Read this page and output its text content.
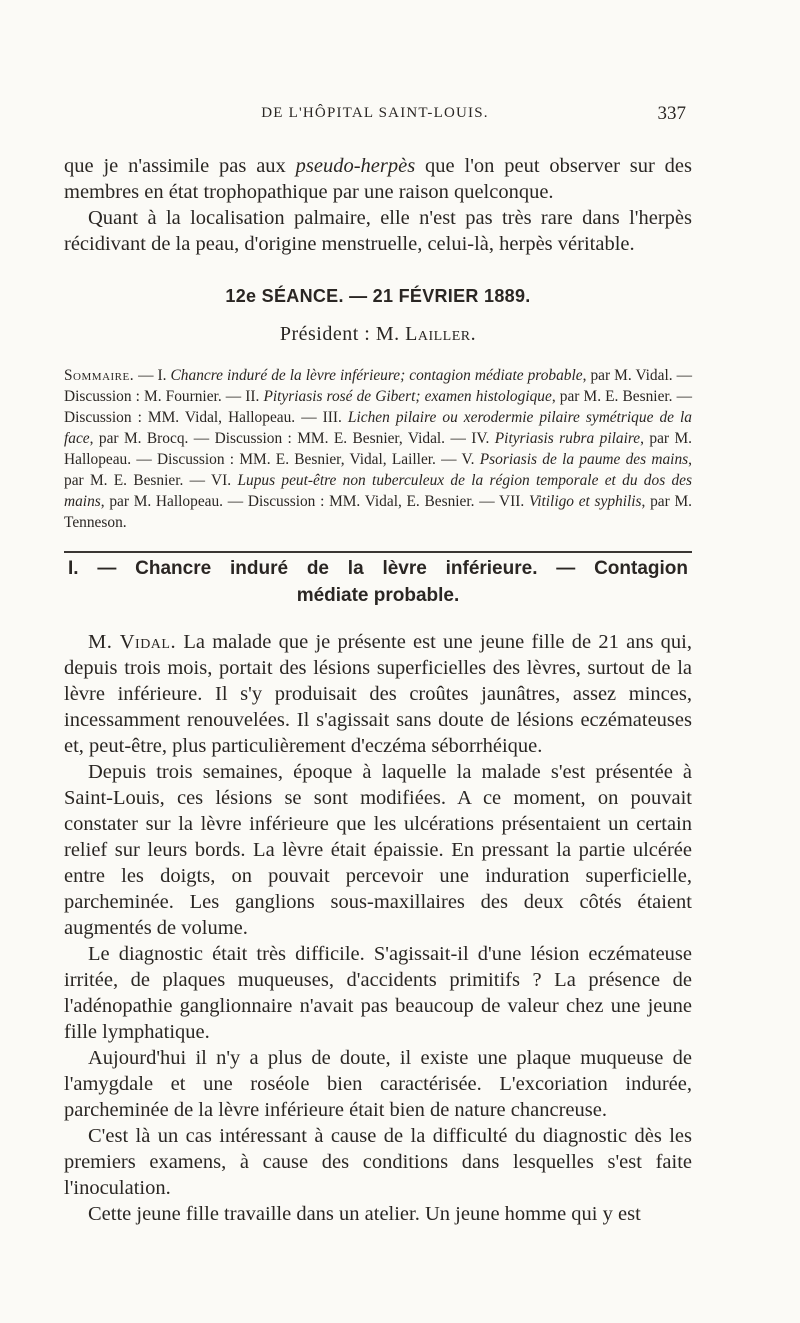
DE L'HÔPITAL SAINT-LOUIS.	337

que je n'assimile pas aux pseudo-herpès que l'on peut observer sur des membres en état trophopathique par une raison quelconque.

Quant à la localisation palmaire, elle n'est pas très rare dans l'herpès récidivant de la peau, d'origine menstruelle, celui-là, herpès véritable.

12e SÉANCE. — 21 FÉVRIER 1889.

Président : M. Lailler.

Sommaire. — I. Chancre induré de la lèvre inférieure; contagion médiate probable, par M. Vidal. — Discussion : M. Fournier. — II. Pityriasis rosé de Gibert; examen histologique, par M. E. Besnier. — Discussion : MM. Vidal, Hallopeau. — III. Lichen pilaire ou xerodermie pilaire symétrique de la face, par M. Brocq. — Discussion : MM. E. Besnier, Vidal. — IV. Pityriasis rubra pilaire, par M. Hallopeau. — Discussion : MM. E. Besnier, Vidal, Lailler. — V. Psoriasis de la paume des mains, par M. E. Besnier. — VI. Lupus peut-être non tuberculeux de la région temporale et du dos des mains, par M. Hallopeau. — Discussion : MM. Vidal, E. Besnier. — VII. Vitiligo et syphilis, par M. Tenneson.

I. — Chancre induré de la lèvre inférieure. — Contagion
médiate probable.

M. Vidal. La malade que je présente est une jeune fille de 21 ans qui, depuis trois mois, portait des lésions superficielles des lèvres, surtout de la lèvre inférieure. Il s'y produisait des croûtes jaunâtres, assez minces, incessamment renouvelées. Il s'agissait sans doute de lésions eczémateuses et, peut-être, plus particulièrement d'eczéma séborrhéique.

Depuis trois semaines, époque à laquelle la malade s'est présentée à Saint-Louis, ces lésions se sont modifiées. A ce moment, on pouvait constater sur la lèvre inférieure que les ulcérations présentaient un certain relief sur leurs bords. La lèvre était épaissie. En pressant la partie ulcérée entre les doigts, on pouvait percevoir une induration superficielle, parcheminée. Les ganglions sous-maxillaires des deux côtés étaient augmentés de volume.

Le diagnostic était très difficile. S'agissait-il d'une lésion eczémateuse irritée, de plaques muqueuses, d'accidents primitifs ? La présence de l'adénopathie ganglionnaire n'avait pas beaucoup de valeur chez une jeune fille lymphatique.

Aujourd'hui il n'y a plus de doute, il existe une plaque muqueuse de l'amygdale et une roséole bien caractérisée. L'excoriation indurée, parcheminée de la lèvre inférieure était bien de nature chancreuse.

C'est là un cas intéressant à cause de la difficulté du diagnostic dès les premiers examens, à cause des conditions dans lesquelles s'est faite l'inoculation.

Cette jeune fille travaille dans un atelier. Un jeune homme qui y est
